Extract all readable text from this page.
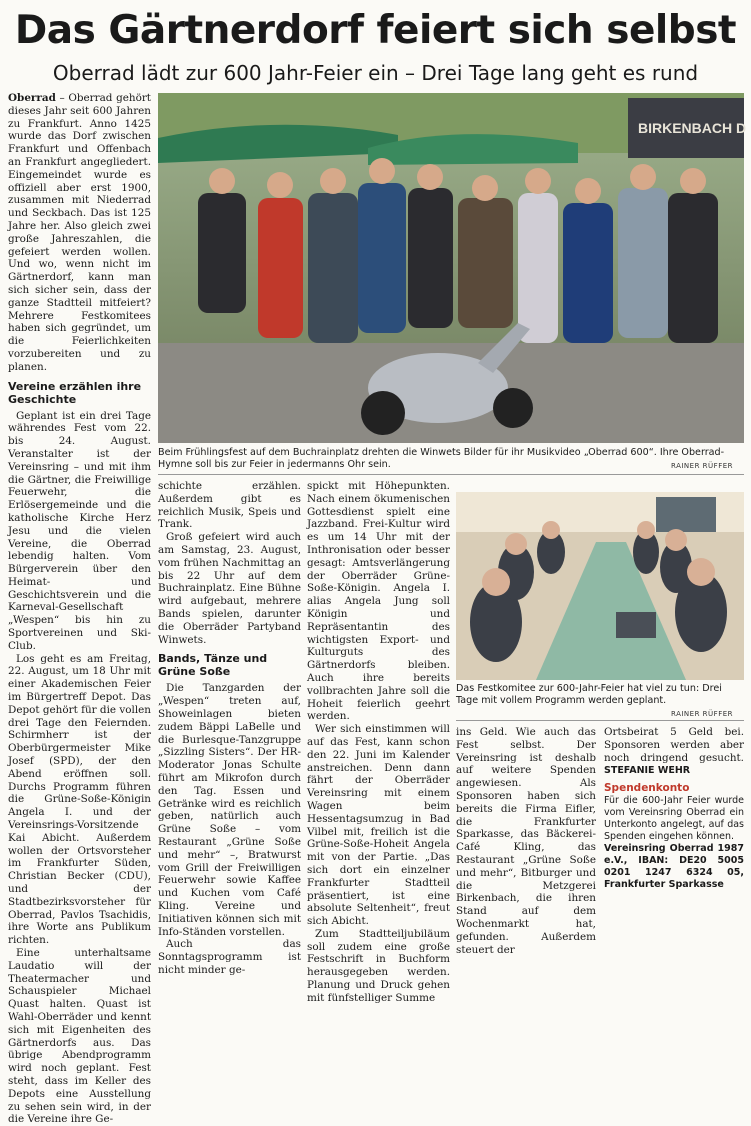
Das Gärtnerdorf feiert sich selbst
Oberrad lädt zur 600 Jahr-Feier ein – Drei Tage lang geht es rund

Oberrad – Oberrad gehört dieses Jahr seit 600 Jahren zu Frankfurt. Anno 1425 wurde das Dorf zwischen Frankfurt und Offenbach an Frankfurt angegliedert. Eingemeindet wurde es offiziell aber erst 1900, zusammen mit Niederrad und Seckbach. Das ist 125 Jahre her. Also gleich zwei große Jahreszahlen, die gefeiert werden wollen. Und wo, wenn nicht im Gärtnerdorf, kann man sich sicher sein, dass der ganze Stadtteil mitfeiert? Mehrere Festkomitees haben sich gegründet, um die Feierlichkeiten vorzubereiten und zu planen.

Vereine erzählen ihre Geschichte

Geplant ist ein drei Tage währendes Fest vom 22. bis 24. August. Veranstalter ist der Vereinsring – und mit ihm die Gärtner, die Freiwillige Feuerwehr, die Erlösergemeinde und die katholische Kirche Herz Jesu und die vielen Vereine, die Oberrad lebendig halten. Vom Bürgerverein über den Heimat- und Geschichtsverein und die Karneval-Gesellschaft „Wespen“ bis hin zu Sportvereinen und Ski-Club.

Los geht es am Freitag, 22. August, um 18 Uhr mit einer Akademischen Feier im Bürgertreff Depot. Das Depot gehört für die vollen drei Tage den Feiernden. Schirmherr ist der Oberbürgermeister Mike Josef (SPD), der den Abend eröffnen soll. Durchs Programm führen die Grüne-Soße-Königin Angela I. und der Vereinsrings-Vorsitzende Kai Abicht. Außerdem wollen der Ortsvorsteher im Frankfurter Süden, Christian Becker (CDU), und der Stadtbezirksvorsteher für Oberrad, Pavlos Tsachidis, ihre Worte ans Publikum richten.

Eine unterhaltsame Laudatio will der Theatermacher und Schauspieler Michael Quast halten. Quast ist Wahl-Oberräder und kennt sich mit Eigenheiten des Gärtnerdorfs aus. Das übrige Abendprogramm wird noch geplant. Fest steht, dass im Keller des Depots eine Ausstellung zu sehen sein wird, in der die Vereine ihre Ge-

BIRKENBACH D
Beim Frühlingsfest auf dem Buchrainplatz drehten die Winwets Bilder für ihr Musikvideo „Oberrad 600“. Ihre Oberrad-Hymne soll bis zur Feier in jedermanns Ohr sein.	RAINER RÜFFER

schichte erzählen. Außerdem gibt es reichlich Musik, Speis und Trank.

Groß gefeiert wird auch am Samstag, 23. August, vom frühen Nachmittag an bis 22 Uhr auf dem Buchrainplatz. Eine Bühne wird aufgebaut, mehrere Bands spielen, darunter die Oberräder Partyband Winwets.

Bands, Tänze und Grüne Soße

Die Tanzgarden der „Wespen“ treten auf, Showeinlagen bieten zudem Bäppi LaBelle und die Burlesque-Tanzgruppe „Sizzling Sisters“. Der HR-Moderator Jonas Schulte führt am Mikrofon durch den Tag. Essen und Getränke wird es reichlich geben, natürlich auch Grüne Soße – vom Restaurant „Grüne Soße und mehr“ –, Bratwurst vom Grill der Freiwilligen Feuerwehr sowie Kaffee und Kuchen vom Café Kling. Vereine und Initiativen können sich mit Info-Ständen vorstellen.

Auch das Sonntagsprogramm ist nicht minder ge-

spickt mit Höhepunkten. Nach einem ökumenischen Gottesdienst spielt eine Jazzband. Frei-Kultur wird es um 14 Uhr mit der Inthronisation oder besser gesagt: Amtsverlängerung der Oberräder Grüne-Soße-Königin. Angela I. alias Angela Jung soll Königin und Repräsentantin des wichtigsten Export- und Kulturguts des Gärtnerdorfs bleiben. Auch ihre bereits vollbrachten Jahre soll die Hoheit feierlich geehrt werden.

Wer sich einstimmen will auf das Fest, kann schon den 22. Juni im Kalender anstreichen. Denn dann fährt der Oberräder Vereinsring mit einem Wagen beim Hessentagsumzug in Bad Vilbel mit, freilich ist die Grüne-Soße-Hoheit Angela mit von der Partie. „Das sich dort ein einzelner Frankfurter Stadtteil präsentiert, ist eine absolute Seltenheit“, freut sich Abicht.

Zum Stadtteiljubiläum soll zudem eine große Festschrift in Buchform herausgegeben werden. Planung und Druck gehen mit fünfstelliger Summe

Das Festkomitee zur 600-Jahr-Feier hat viel zu tun: Drei Tage mit vollem Programm werden geplant.
RAINER RÜFFER

ins Geld. Wie auch das Fest selbst. Der Vereinsring ist deshalb auf weitere Spenden angewiesen. Als Sponsoren haben sich bereits die Firma Eifler, die Frankfurter Sparkasse, das Bäckerei-Café Kling, das Restaurant „Grüne Soße und mehr“, Bitburger und die Metzgerei Birkenbach, die ihren Stand auf dem Wochenmarkt hat, gefunden. Außerdem steuert der

Ortsbeirat 5 Geld bei. Sponsoren werden aber noch dringend gesucht. STEFANIE WEHR

Spendenkonto
Für die 600-Jahr Feier wurde vom Vereinsring Oberrad ein Unterkonto angelegt, auf das Spenden eingehen können.
Vereinsring Oberrad 1987 e.V., IBAN: DE20 5005 0201 1247 6324 05, Frankfurter Sparkasse
